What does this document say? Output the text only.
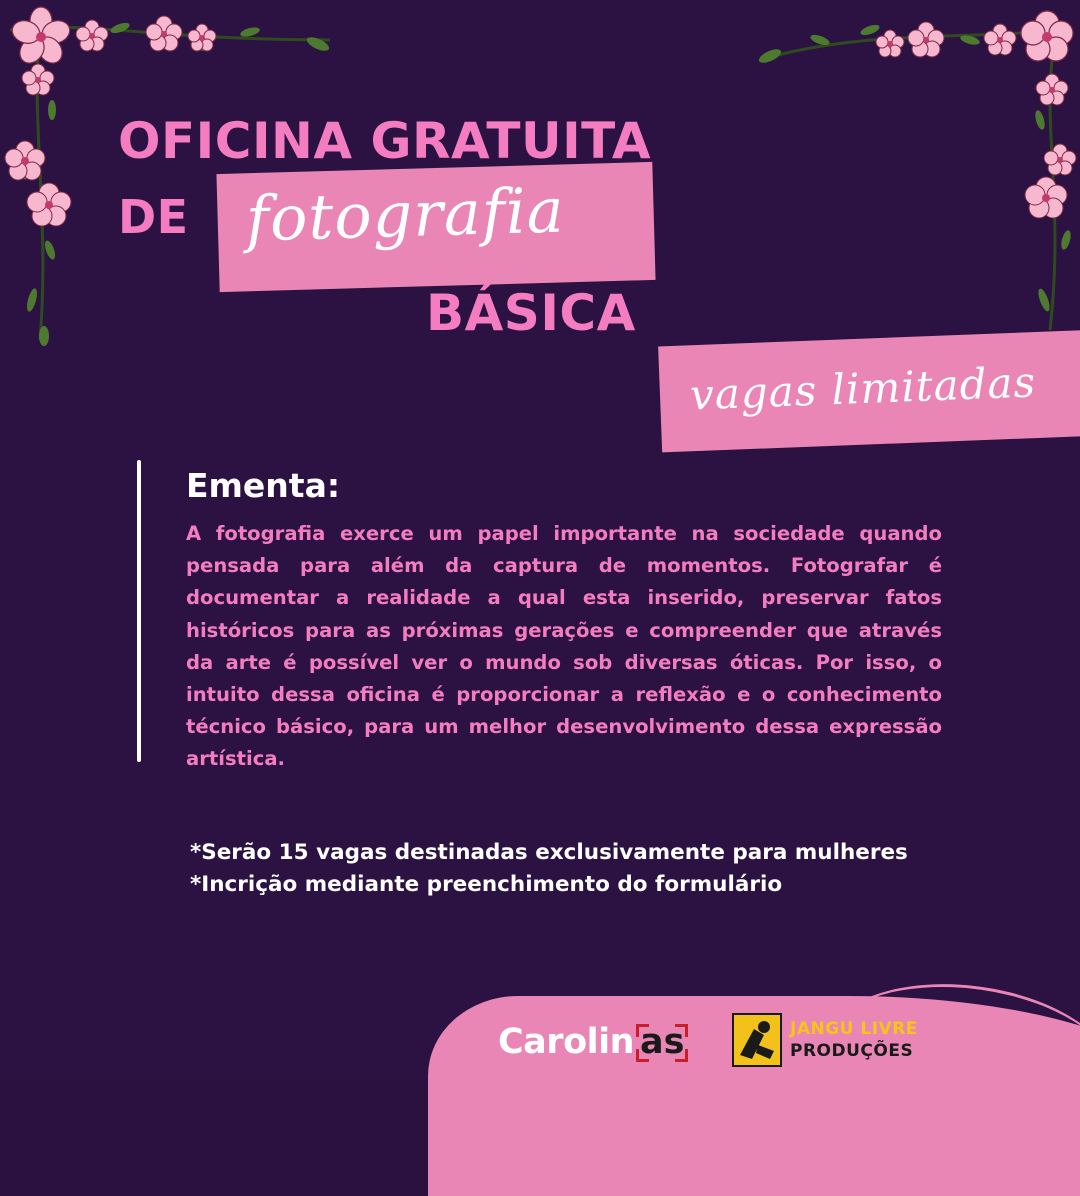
OFICINA GRATUITA
DE fotografia
BÁSICA
vagas limitadas
Ementa:
A fotografia exerce um papel importante na sociedade quando pensada para além da captura de momentos. Fotografar é documentar a realidade a qual esta inserido, preservar fatos históricos para as próximas gerações e compreender que através da arte é possível ver o mundo sob diversas óticas. Por isso, o intuito dessa oficina é proporcionar a reflexão e o conhecimento técnico básico, para um melhor desenvolvimento dessa expressão artística.
*Serão 15 vagas destinadas exclusivamente para mulheres
*Incrição mediante preenchimento do formulário
Carolin as	JANGU LIVRE
PRODUÇÕES
